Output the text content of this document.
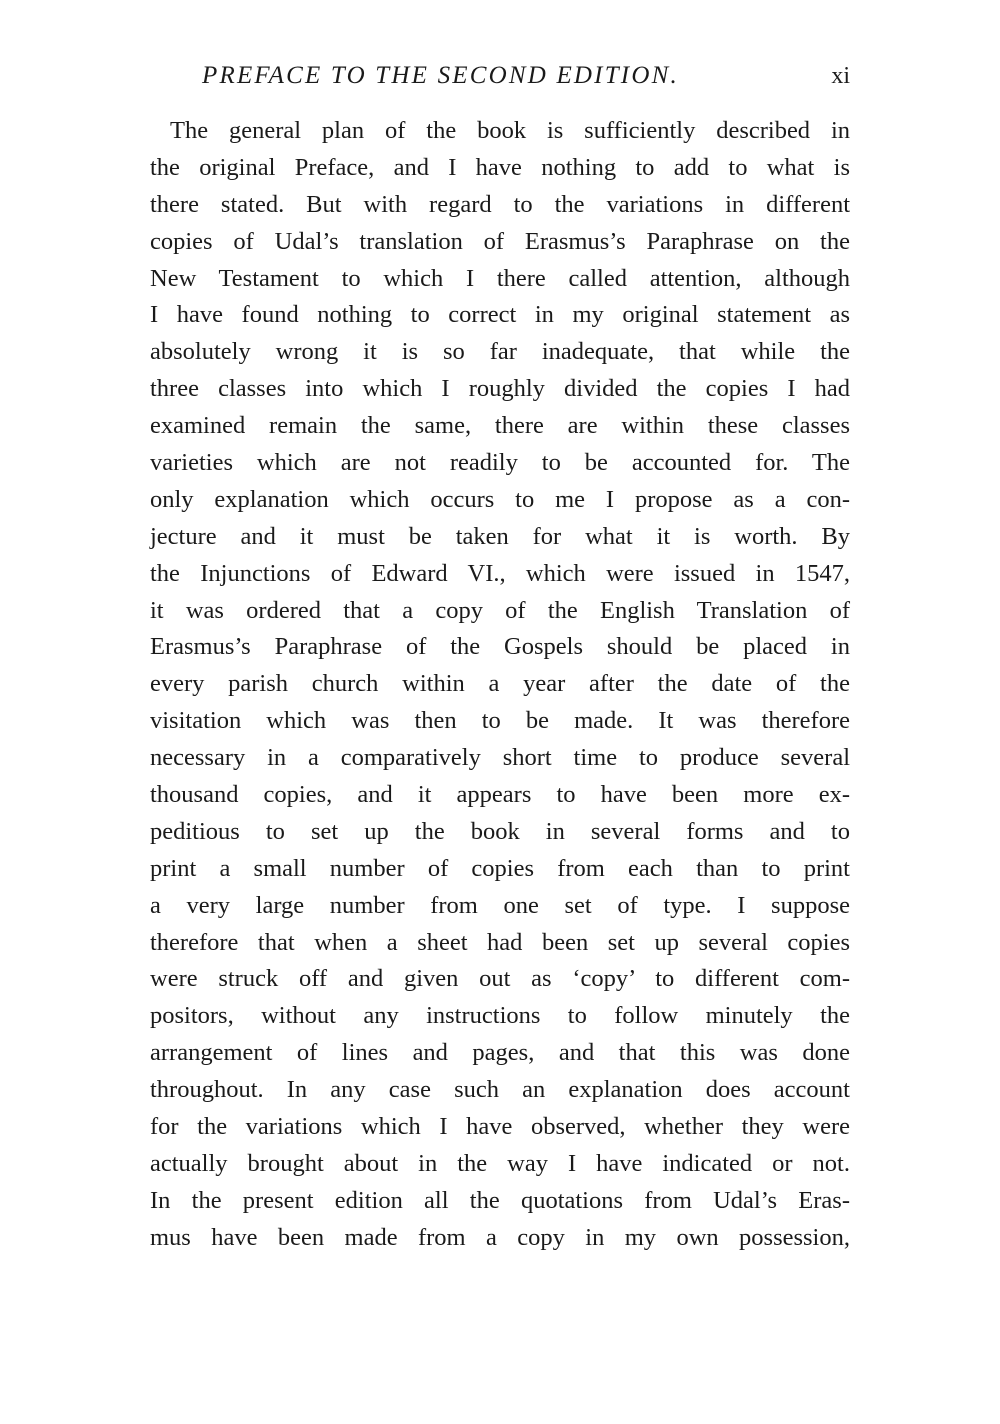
PREFACE TO THE SECOND EDITION.	xi
The general plan of the book is sufficiently described in
the original Preface, and I have nothing to add to what is
there stated. But with regard to the variations in different
copies of Udal’s translation of Erasmus’s Paraphrase on the
New Testament to which I there called attention, although
I have found nothing to correct in my original statement as
absolutely wrong it is so far inadequate, that while the
three classes into which I roughly divided the copies I had
examined remain the same, there are within these classes
varieties which are not readily to be accounted for. The
only explanation which occurs to me I propose as a con-
jecture and it must be taken for what it is worth. By
the Injunctions of Edward VI., which were issued in 1547,
it was ordered that a copy of the English Translation of
Erasmus’s Paraphrase of the Gospels should be placed in
every parish church within a year after the date of the
visitation which was then to be made. It was therefore
necessary in a comparatively short time to produce several
thousand copies, and it appears to have been more ex-
peditious to set up the book in several forms and to
print a small number of copies from each than to print
a very large number from one set of type. I suppose
therefore that when a sheet had been set up several copies
were struck off and given out as ‘copy’ to different com-
positors, without any instructions to follow minutely the
arrangement of lines and pages, and that this was done
throughout. In any case such an explanation does account
for the variations which I have observed, whether they were
actually brought about in the way I have indicated or not.
In the present edition all the quotations from Udal’s Eras-
mus have been made from a copy in my own possession,
